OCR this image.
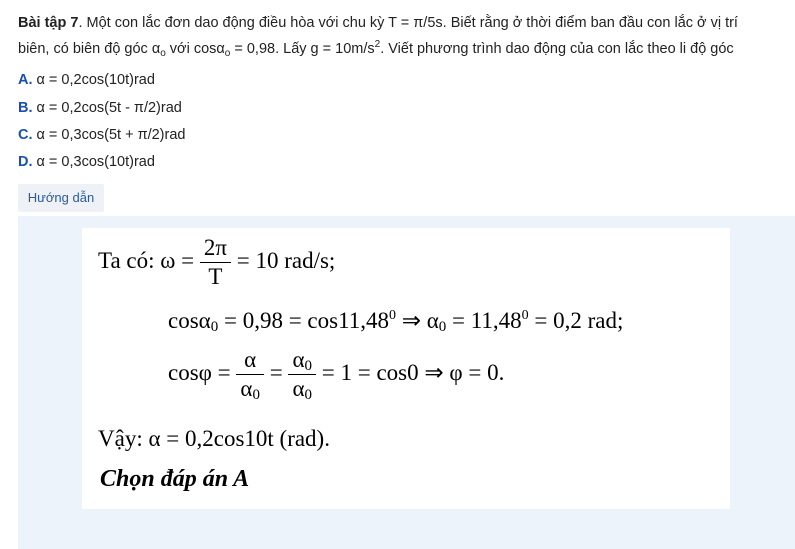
Bài tập 7. Một con lắc đơn dao động điều hòa với chu kỳ T = π/5s. Biết rằng ở thời điểm ban đầu con lắc ở vị trí
biên, có biên độ góc $\alpha_o$ với cosα$_o$ = 0,98. Lấy $g = 10m/s^2$. Viết phương trình dao động của con lắc theo li độ góc
A. α = 0,2cos(10t)rad
B. α = 0,2cos(5t - π/2)rad
C. α = 0,3cos(5t + π/2)rad
D. α = 0,3cos(10t)rad
Hướng dẫn
Ta có: $\omega = \frac{2\pi}{T} = 10$ rad/s;
$\cos\alpha_0 = 0,98 = \cos 11,48^0$ ⇒ $\alpha_0 = 11,48^0 = 0,2$ rad;
$\cos\varphi = \frac{\alpha}{\alpha_0} = \frac{\alpha_0}{\alpha_0} = 1 = \cos 0$ ⇒ φ = 0.
Vậy: α = 0,2cos10t (rad).
Chọn đáp án A
